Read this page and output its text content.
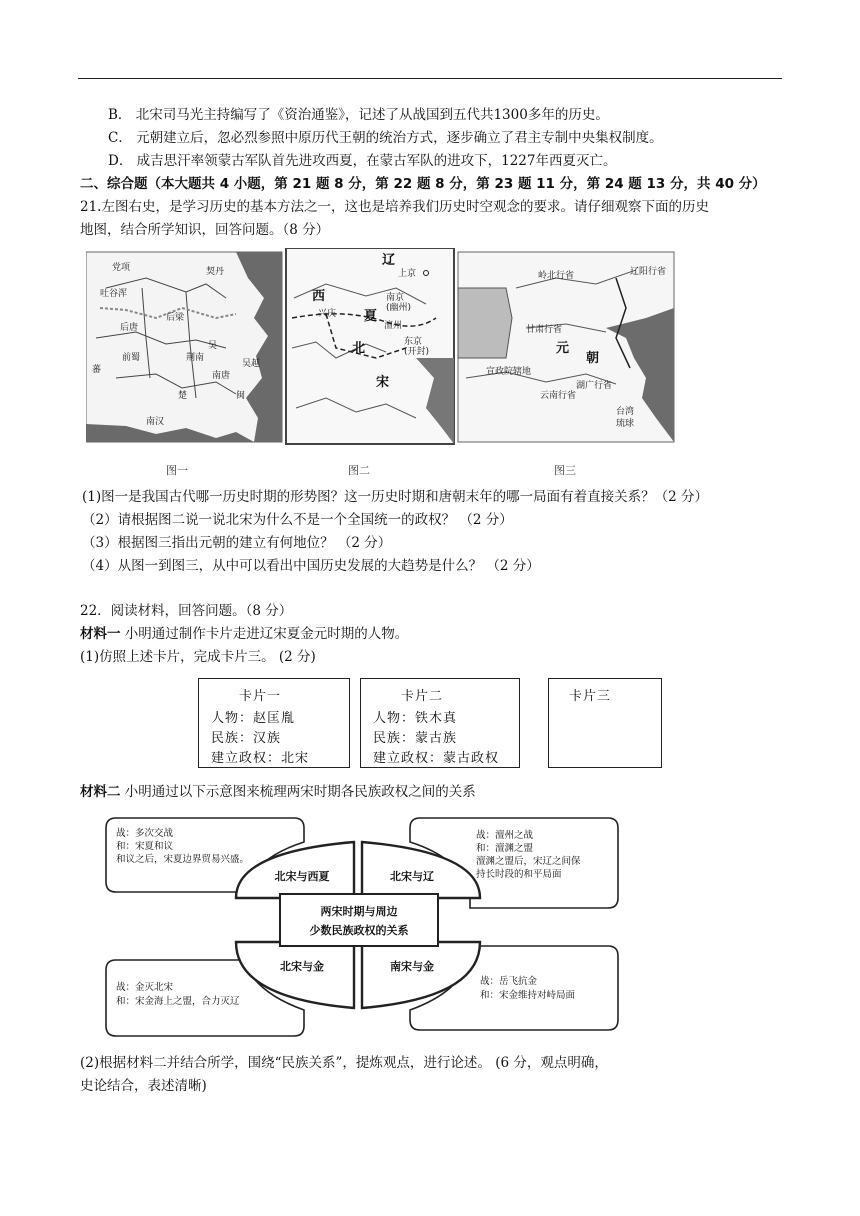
B． 北宋司马光主持编写了《资治通鉴》，记述了从战国到五代共1300多年的历史。
C． 元朝建立后，忽必烈参照中原历代王朝的统治方式，逐步确立了君主专制中央集权制度。
D． 成吉思汗率领蒙古军队首先进攻西夏，在蒙古军队的进攻下，1227年西夏灭亡。
二、综合题（本大题共 4 小题，第 21 题 8 分，第 22 题 8 分，第 23 题 11 分，第 24 题 13 分，共 40 分）
21.左图右史，是学习历史的基本方法之一，这也是培养我们历史时空观念的要求。请仔细观察下面的历史
地图，结合所学知识，回答问题。（8 分）
党项
吐谷浑
契丹
后梁
后唐
吴越
闽
南唐
楚
前蜀
南汉
吴
荆南
蕃
图一
辽
上京
西
夏
兴庆
南京
(幽州)
澶州
东京
(开封)
北
宋
图二
岭北行省	辽阳行省
甘肃行省
元
朝
宣政院辖地
云南行省
湖广行省
台湾
琉球
图三
(1)图一是我国古代哪一历史时期的形势图？这一历史时期和唐朝末年的哪一局面有着直接关系？（2 分）
（2）请根据图二说一说北宋为什么不是一个全国统一的政权？ （2 分）
（3）根据图三指出元朝的建立有何地位？ （2 分）
（4）从图一到图三，从中可以看出中国历史发展的大趋势是什么？ （2 分）
22．阅读材料，回答问题。（8 分）
材料一 小明通过制作卡片走进辽宋夏金元时期的人物。
(1)仿照上述卡片，完成卡片三。 (2 分)
卡片一
人物：赵匡胤
民族：汉族
建立政权：北宋
卡片二
人物：铁木真
民族：蒙古族
建立政权：蒙古政权
卡片三
材料二 小明通过以下示意图来梳理两宋时期各民族政权之间的关系
两宋时期与周边
少数民族政权的关系
北宋与西夏	北宋与辽
北宋与金	南宋与金
战：多次交战
和：宋夏和议
和议之后，宋夏边界贸易兴盛。
战：澶州之战
和：澶渊之盟
澶渊之盟后，宋辽之间保
持长时段的和平局面
战：金灭北宋
和：宋金海上之盟，合力灭辽
战：岳飞抗金
和：宋金维持对峙局面
(2)根据材料二并结合所学，围绕“民族关系”，提炼观点，进行论述。 (6 分，观点明确，
史论结合，表述清晰)
